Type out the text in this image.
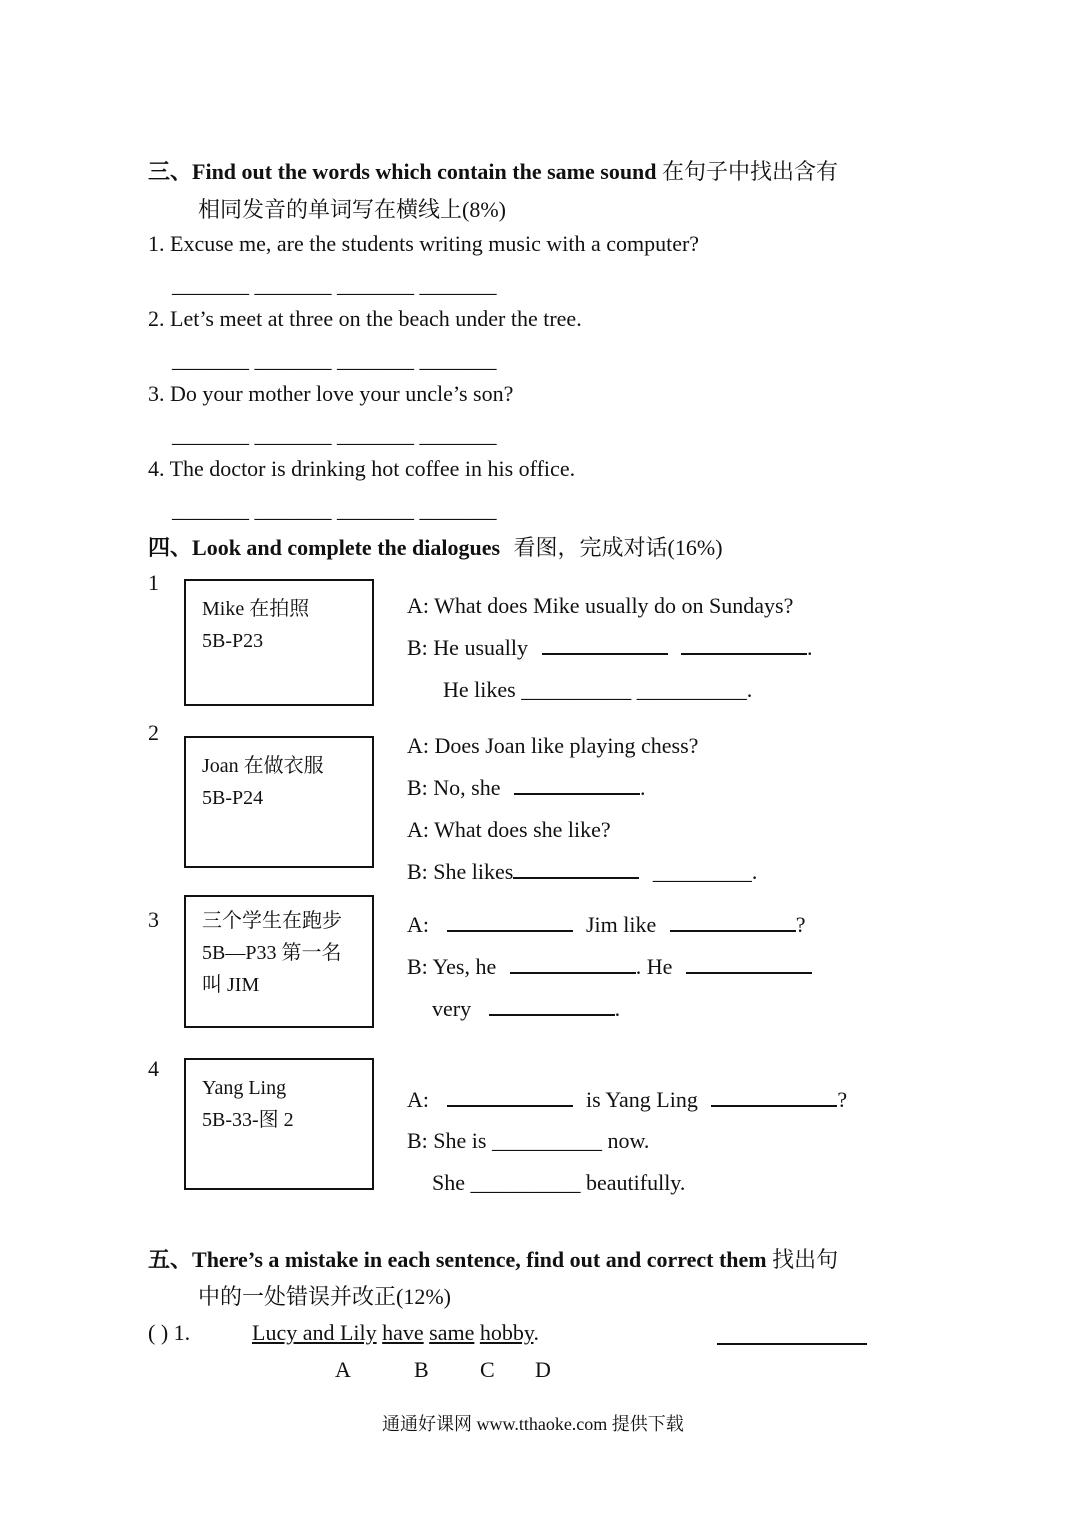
三、Find out the words which contain the same sound 在句子中找出含有
相同发音的单词写在横线上(8%)
1. Excuse me, are the students writing music with a computer?
_______ _______ _______ _______
2. Let’s meet at three on the beach under the tree.
_______ _______ _______ _______
3. Do your mother love your uncle’s son?
_______ _______ _______ _______
4. The doctor is drinking hot coffee in his office.
_______ _______ _______ _______
四、Look and complete the dialogues 看图，完成对话(16%)
1
Mike 在拍照
5B-P23
A: What does Mike usually do on Sundays?
B: He usually	.
He likes __________ __________.
2
Joan 在做衣服
5B-P24
A: Does Joan like playing chess?
B: No, she	.
A: What does she like?
B: She likes	_________.
3 三个学生在跑步
5B—P33 第一名
叫 JIM
A:	Jim like	?
B: Yes, he	. He
very	.
4
Yang Ling
5B-33-图 2
A:	is Yang Ling	?
B: She is __________ now.
She __________ beautifully.
五、There’s a mistake in each sentence, find out and correct them 找出句
中的一处错误并改正(12%)
( ) 1.	Lucy and Lily have same hobby.
A	B C D
通通好课网 www.tthaoke.com 提供下载
